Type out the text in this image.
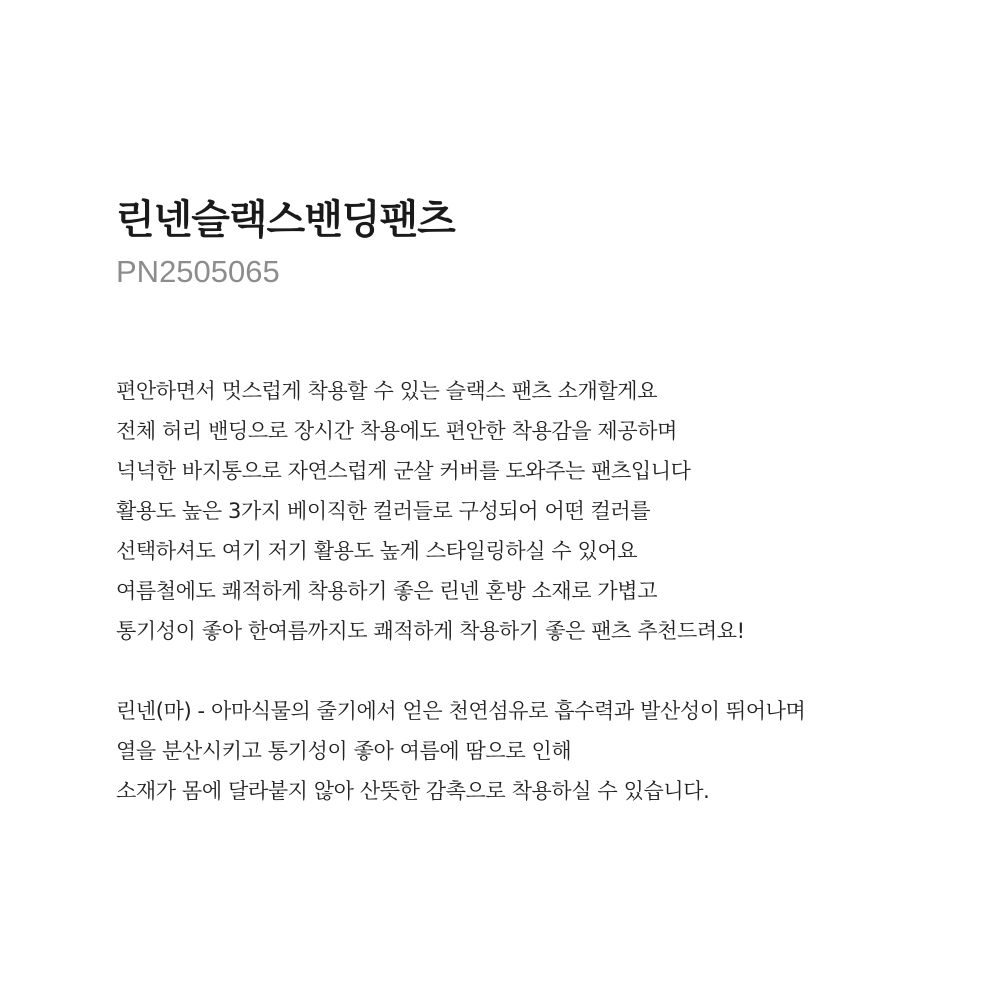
린넨슬랙스밴딩팬츠
PN2505065
편안하면서 멋스럽게 착용할 수 있는 슬랙스 팬츠 소개할게요
전체 허리 밴딩으로 장시간 착용에도 편안한 착용감을 제공하며
넉넉한 바지통으로 자연스럽게 군살 커버를 도와주는 팬츠입니다
활용도 높은 3가지 베이직한 컬러들로 구성되어 어떤 컬러를
선택하셔도 여기 저기 활용도 높게 스타일링하실 수 있어요
여름철에도 쾌적하게 착용하기 좋은 린넨 혼방 소재로 가볍고
통기성이 좋아 한여름까지도 쾌적하게 착용하기 좋은 팬츠 추천드려요!
린넨(마) - 아마식물의 줄기에서 얻은 천연섬유로 흡수력과 발산성이 뛰어나며
열을 분산시키고 통기성이 좋아 여름에 땀으로 인해
소재가 몸에 달라붙지 않아 산뜻한 감촉으로 착용하실 수 있습니다.
